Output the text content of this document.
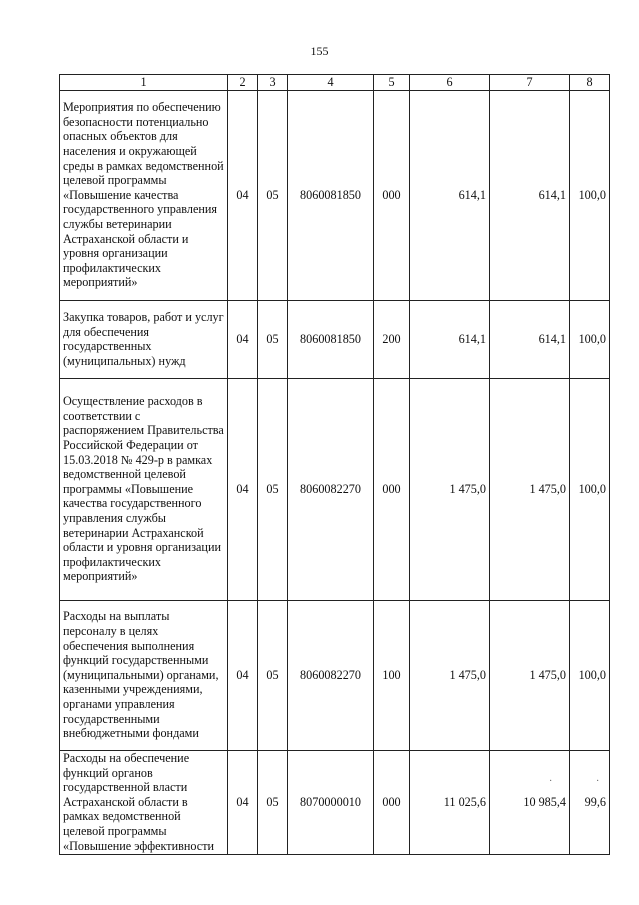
155
1	2	3	4	5	6	7	8
Мероприятия по обеспечению безопасности потенциально опасных объектов для населения и окружающей среды в рамках ведомственной целевой программы «Повышение качества государственного управления службы ветеринарии Астраханской области и уровня организации профилактических мероприятий»	04	05	8060081850	000	614,1	614,1	100,0
Закупка товаров, работ и услуг для обеспечения государственных (муниципальных) нужд	04	05	8060081850	200	614,1	614,1	100,0
Осуществление расходов в соответствии с распоряжением Правительства Российской Федерации от 15.03.2018 № 429-р в рамках ведомственной целевой программы «Повышение качества государственного управления службы ветеринарии Астраханской области и уровня организации профилактических мероприятий»	04	05	8060082270	000	1 475,0	1 475,0	100,0
Расходы на выплаты персоналу в целях обеспечения выполнения функций государственными (муниципальными) органами, казенными учреждениями, органами управления государственными внебюджетными фондами	04	05	8060082270	100	1 475,0	1 475,0	100,0
Расходы на обеспечение функций органов государственной власти Астраханской области в рамках ведомственной целевой программы «Повышение эффективности	04	05	8070000010	000	11 025,6	10 985,4	99,6
·	·
